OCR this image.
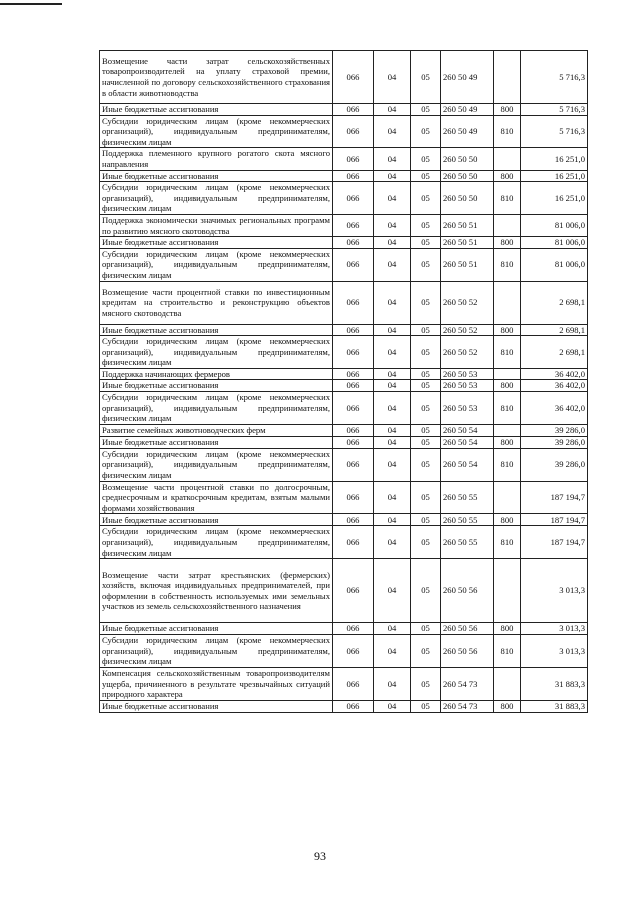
Возмещение части затрат сельскохозяйственных товаропроизводителей на уплату страховой премии, начисленной по договору сельскохозяйственного страхования в области животноводства	066	04	05	260 50 49		5 716,3
Иные бюджетные ассигнования	066	04	05	260 50 49	800	5 716,3
Субсидии юридическим лицам (кроме некоммерческих организаций), индивидуальным предпринимателям, физическим лицам	066	04	05	260 50 49	810	5 716,3
Поддержка племенного крупного рогатого скота мясного направления	066	04	05	260 50 50		16 251,0
Иные бюджетные ассигнования	066	04	05	260 50 50	800	16 251,0
Субсидии юридическим лицам (кроме некоммерческих организаций), индивидуальным предпринимателям, физическим лицам	066	04	05	260 50 50	810	16 251,0
Поддержка экономически значимых региональных программ по развитию мясного скотоводства	066	04	05	260 50 51		81 006,0
Иные бюджетные ассигнования	066	04	05	260 50 51	800	81 006,0
Субсидии юридическим лицам (кроме некоммерческих организаций), индивидуальным предпринимателям, физическим лицам	066	04	05	260 50 51	810	81 006,0
Возмещение части процентной ставки по инвестиционным кредитам на строительство и реконструкцию объектов мясного скотоводства	066	04	05	260 50 52		2 698,1
Иные бюджетные ассигнования	066	04	05	260 50 52	800	2 698,1
Субсидии юридическим лицам (кроме некоммерческих организаций), индивидуальным предпринимателям, физическим лицам	066	04	05	260 50 52	810	2 698,1
Поддержка начинающих фермеров	066	04	05	260 50 53		36 402,0
Иные бюджетные ассигнования	066	04	05	260 50 53	800	36 402,0
Субсидии юридическим лицам (кроме некоммерческих организаций), индивидуальным предпринимателям, физическим лицам	066	04	05	260 50 53	810	36 402,0
Развитие семейных животноводческих ферм	066	04	05	260 50 54		39 286,0
Иные бюджетные ассигнования	066	04	05	260 50 54	800	39 286,0
Субсидии юридическим лицам (кроме некоммерческих организаций), индивидуальным предпринимателям, физическим лицам	066	04	05	260 50 54	810	39 286,0
Возмещение части процентной ставки по долгосрочным, среднесрочным и краткосрочным кредитам, взятым малыми формами хозяйствования	066	04	05	260 50 55		187 194,7
Иные бюджетные ассигнования	066	04	05	260 50 55	800	187 194,7
Субсидии юридическим лицам (кроме некоммерческих организаций), индивидуальным предпринимателям, физическим лицам	066	04	05	260 50 55	810	187 194,7
Возмещение части затрат крестьянских (фермерских) хозяйств, включая индивидуальных предпринимателей, при оформлении в собственность используемых ими земельных участков из земель сельскохозяйственного назначения	066	04	05	260 50 56		3 013,3
Иные бюджетные ассигнования	066	04	05	260 50 56	800	3 013,3
Субсидии юридическим лицам (кроме некоммерческих организаций), индивидуальным предпринимателям, физическим лицам	066	04	05	260 50 56	810	3 013,3
Компенсация сельскохозяйственным товаропроизводителям ущерба, причиненного в результате чрезвычайных ситуаций природного характера	066	04	05	260 54 73		31 883,3
Иные бюджетные ассигнования	066	04	05	260 54 73	800	31 883,3
93
